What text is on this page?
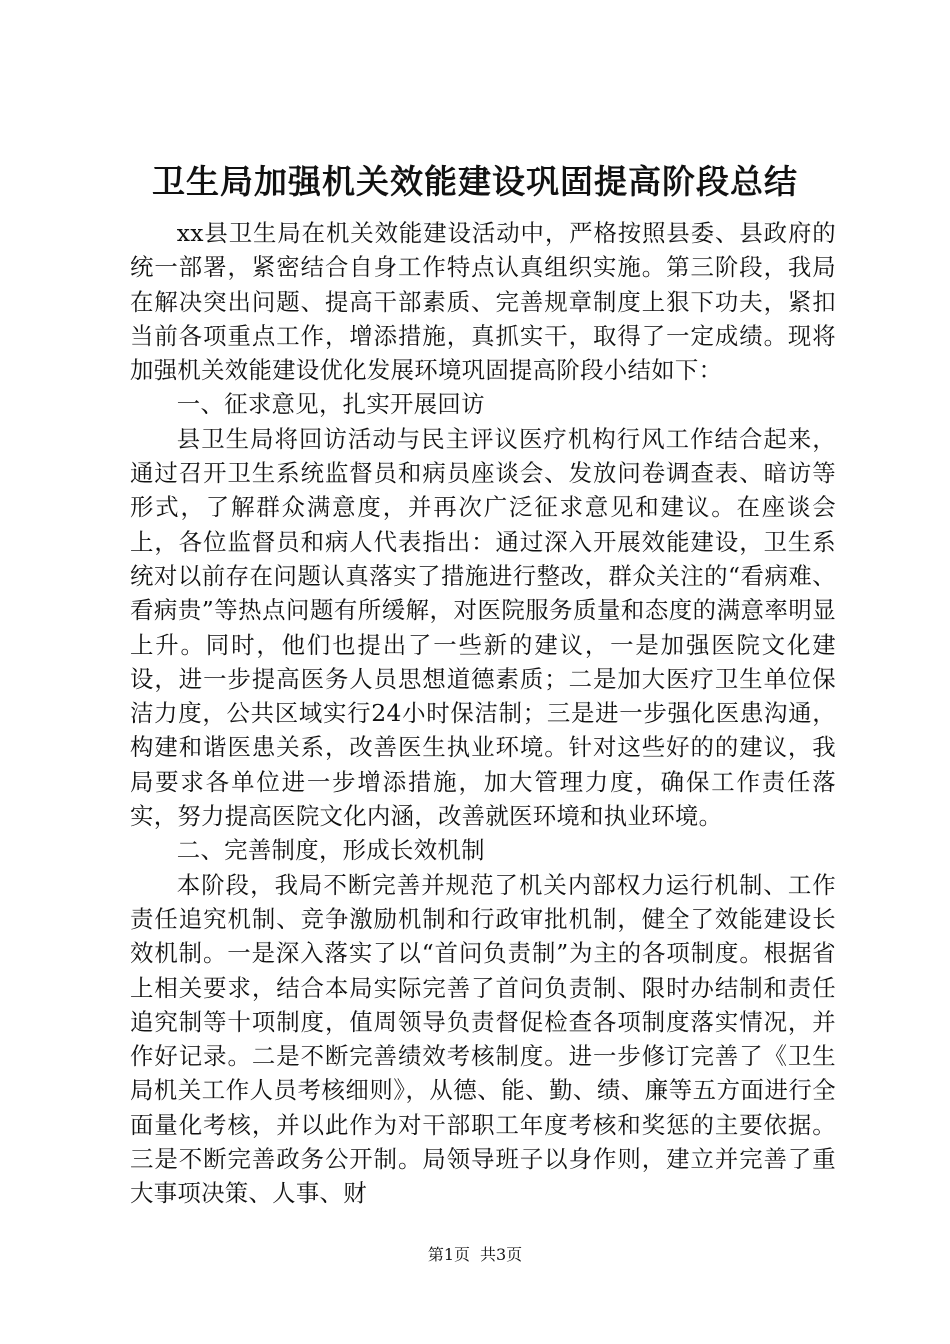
卫生局加强机关效能建设巩固提高阶段总结

xx县卫生局在机关效能建设活动中，严格按照县委、县政府的统一部署，紧密结合自身工作特点认真组织实施。第三阶段，我局在解决突出问题、提高干部素质、完善规章制度上狠下功夫，紧扣当前各项重点工作，增添措施，真抓实干，取得了一定成绩。现将加强机关效能建设优化发展环境巩固提高阶段小结如下：

一、征求意见，扎实开展回访

县卫生局将回访活动与民主评议医疗机构行风工作结合起来，通过召开卫生系统监督员和病员座谈会、发放问卷调查表、暗访等形式，了解群众满意度，并再次广泛征求意见和建议。在座谈会上，各位监督员和病人代表指出：通过深入开展效能建设，卫生系统对以前存在问题认真落实了措施进行整改，群众关注的“看病难、看病贵”等热点问题有所缓解，对医院服务质量和态度的满意率明显上升。同时，他们也提出了一些新的建议，一是加强医院文化建设，进一步提高医务人员思想道德素质；二是加大医疗卫生单位保洁力度，公共区域实行24小时保洁制；三是进一步强化医患沟通，构建和谐医患关系，改善医生执业环境。针对这些好的的建议，我局要求各单位进一步增添措施，加大管理力度，确保工作责任落实，努力提高医院文化内涵，改善就医环境和执业环境。

二、完善制度，形成长效机制

本阶段，我局不断完善并规范了机关内部权力运行机制、工作责任追究机制、竞争激励机制和行政审批机制，健全了效能建设长效机制。一是深入落实了以“首问负责制”为主的各项制度。根据省上相关要求，结合本局实际完善了首问负责制、限时办结制和责任追究制等十项制度，值周领导负责督促检查各项制度落实情况，并作好记录。二是不断完善绩效考核制度。进一步修订完善了《卫生局机关工作人员考核细则》，从德、能、勤、绩、廉等五方面进行全面量化考核，并以此作为对干部职工年度考核和奖惩的主要依据。三是不断完善政务公开制。局领导班子以身作则，建立并完善了重大事项决策、人事、财

第1页 共3页
